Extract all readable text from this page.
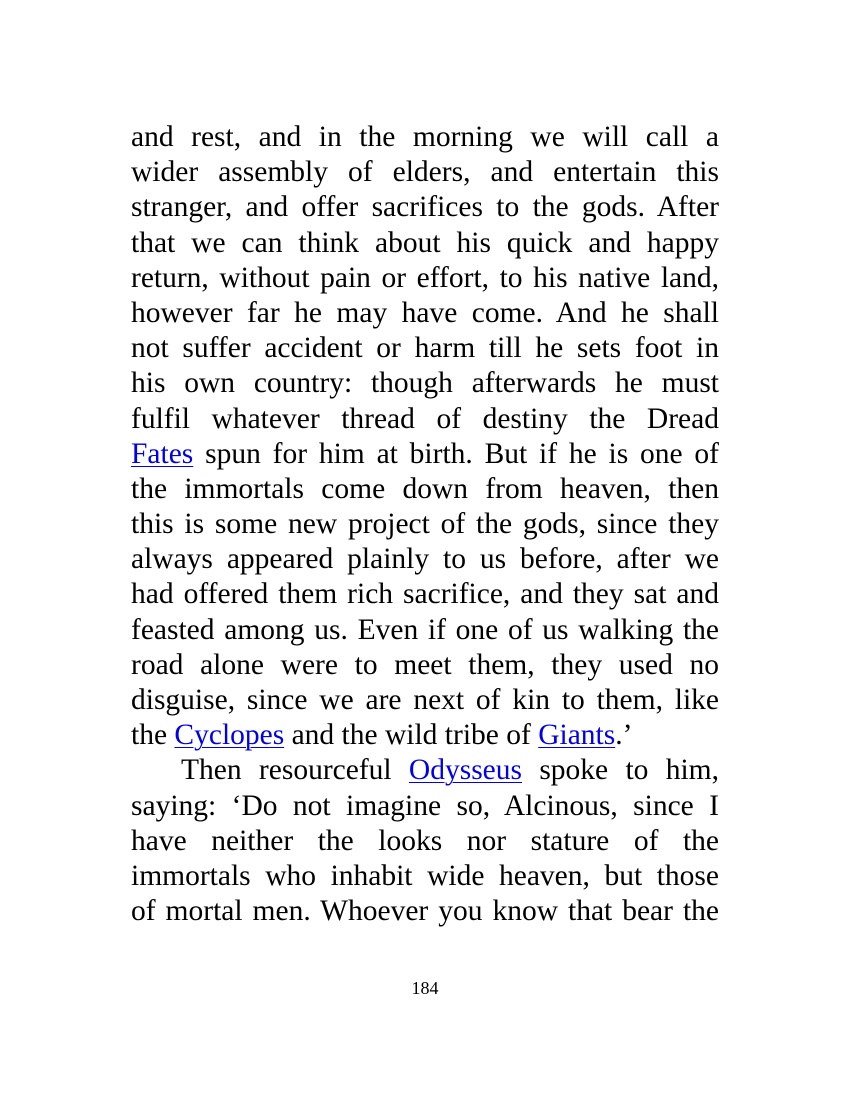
and rest, and in the morning we will call a
wider assembly of elders, and entertain this
stranger, and offer sacrifices to the gods. After
that we can think about his quick and happy
return, without pain or effort, to his native land,
however far he may have come. And he shall
not suffer accident or harm till he sets foot in
his own country: though afterwards he must
fulfil whatever thread of destiny the Dread
Fates spun for him at birth. But if he is one of
the immortals come down from heaven, then
this is some new project of the gods, since they
always appeared plainly to us before, after we
had offered them rich sacrifice, and they sat and
feasted among us. Even if one of us walking the
road alone were to meet them, they used no
disguise, since we are next of kin to them, like
the Cyclopes and the wild tribe of Giants.’
Then resourceful Odysseus spoke to him,
saying: ‘Do not imagine so, Alcinous, since I
have neither the looks nor stature of the
immortals who inhabit wide heaven, but those
of mortal men. Whoever you know that bear the
184
